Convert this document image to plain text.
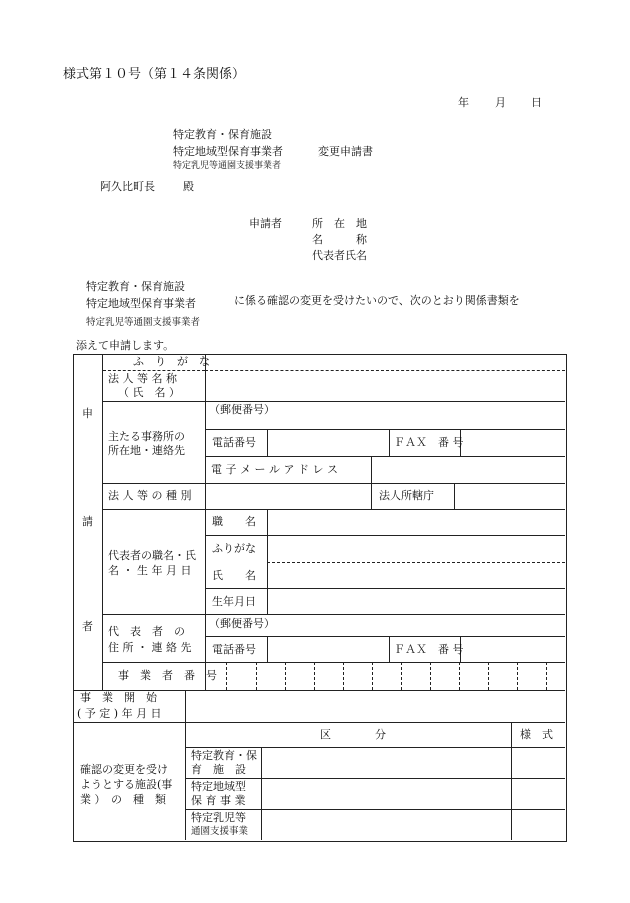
様式第１０号（第１４条関係）
年 月 日
特定教育・保育施設
特定地域型保育事業者
特定乳児等通園支援事業者
変更申請書
阿久比町長	殿
申請者	所　在　地
名　　　称
代表者氏名
特定教育・保育施設
特定地域型保育事業者
特定乳児等通園支援事業者
に係る確認の変更を受けたいので、次のとおり関係書類を
添えて申請します。
申
請
者
ふ　り　が　な
法 人 等 名 称
（ 氏　名 ）
（郵便番号）
主たる事務所の
所在地・連絡先
電話番号	ＦＡＸ　番 号
電 子 メ ー ル ア ド レ ス
法 人 等 の 種 別	法人所轄庁
代表者の職名・氏
名 ・ 生 年 月 日
職　　名
ふりがな
氏　　名
生年月日
代　表　者　の
住 所 ・ 連 絡 先
（郵便番号）
電話番号	ＦＡＸ　番 号
事　業　者　番　号
事　業　開　始
( 予 定 ) 年 月 日
確認の変更を受け
ようとする施設(事
業 ）　の　種　類
区　　　　分	様　式
特定教育・保
育　施　設
特定地域型
保 育 事 業
特定乳児等
通園支援事業
